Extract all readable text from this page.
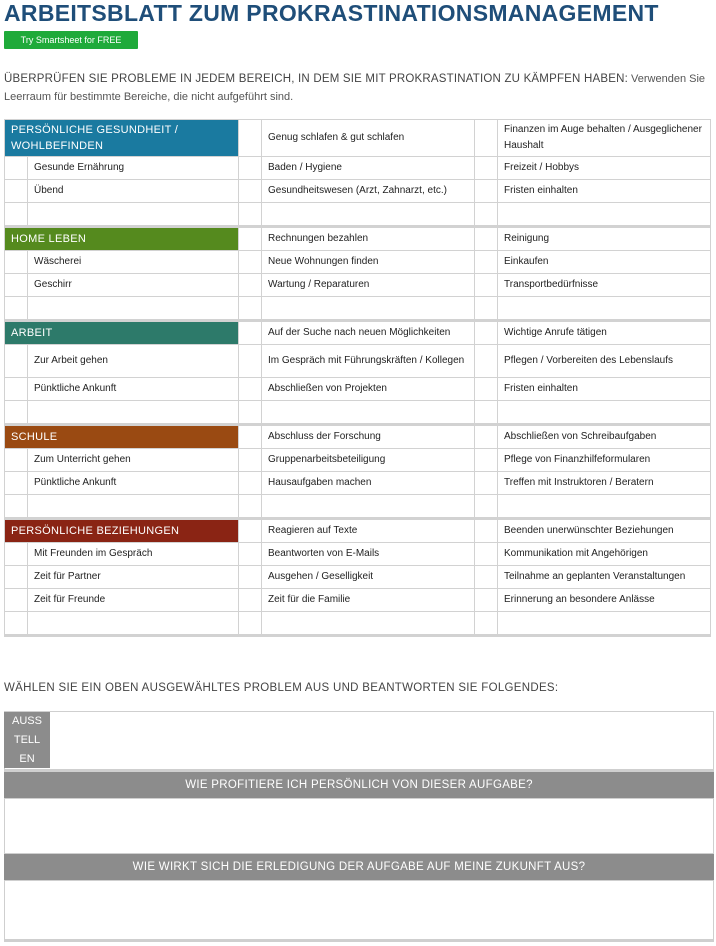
ARBEITSBLATT ZUM PROKRASTINATIONSMANAGEMENT
Try Smartsheet for FREE
ÜBERPRÜFEN SIE PROBLEME IN JEDEM BEREICH, IN DEM SIE MIT PROKRASTINATION ZU KÄMPFEN HABEN: Verwenden Sie Leerraum für bestimmte Bereiche, die nicht aufgeführt sind.
PERSÖNLICHE GESUNDHEIT / WOHLBEFINDEN			Genug schlafen & gut schlafen		Finanzen im Auge behalten / Ausgeglichener Haushalt
	Gesunde Ernährung		Baden / Hygiene		Freizeit / Hobbys
	Übend		Gesundheitswesen (Arzt, Zahnarzt, etc.)		Fristen einhalten

HOME LEBEN			Rechnungen bezahlen		Reinigung
	Wäscherei		Neue Wohnungen finden		Einkaufen
	Geschirr		Wartung / Reparaturen		Transportbedürfnisse

ARBEIT			Auf der Suche nach neuen Möglichkeiten		Wichtige Anrufe tätigen
	Zur Arbeit gehen		Im Gespräch mit Führungskräften / Kollegen		Pflegen / Vorbereiten des Lebenslaufs
	Pünktliche Ankunft		Abschließen von Projekten		Fristen einhalten

SCHULE			Abschluss der Forschung		Abschließen von Schreibaufgaben
	Zum Unterricht gehen		Gruppenarbeitsbeteiligung		Pflege von Finanzhilfeformularen
	Pünktliche Ankunft		Hausaufgaben machen		Treffen mit Instruktoren / Beratern

PERSÖNLICHE BEZIEHUNGEN			Reagieren auf Texte		Beenden unerwünschter Beziehungen
	Mit Freunden im Gespräch		Beantworten von E-Mails		Kommunikation mit Angehörigen
	Zeit für Partner		Ausgehen / Geselligkeit		Teilnahme an geplanten Veranstaltungen
	Zeit für Freunde		Zeit für die Familie		Erinnerung an besondere Anlässe

WÄHLEN SIE EIN OBEN AUSGEWÄHLTES PROBLEM AUS UND BEANTWORTEN SIE FOLGENDES:
AUSS
TELL
EN
WIE PROFITIERE ICH PERSÖNLICH VON DIESER AUFGABE?
WIE WIRKT SICH DIE ERLEDIGUNG DER AUFGABE AUF MEINE ZUKUNFT AUS?
